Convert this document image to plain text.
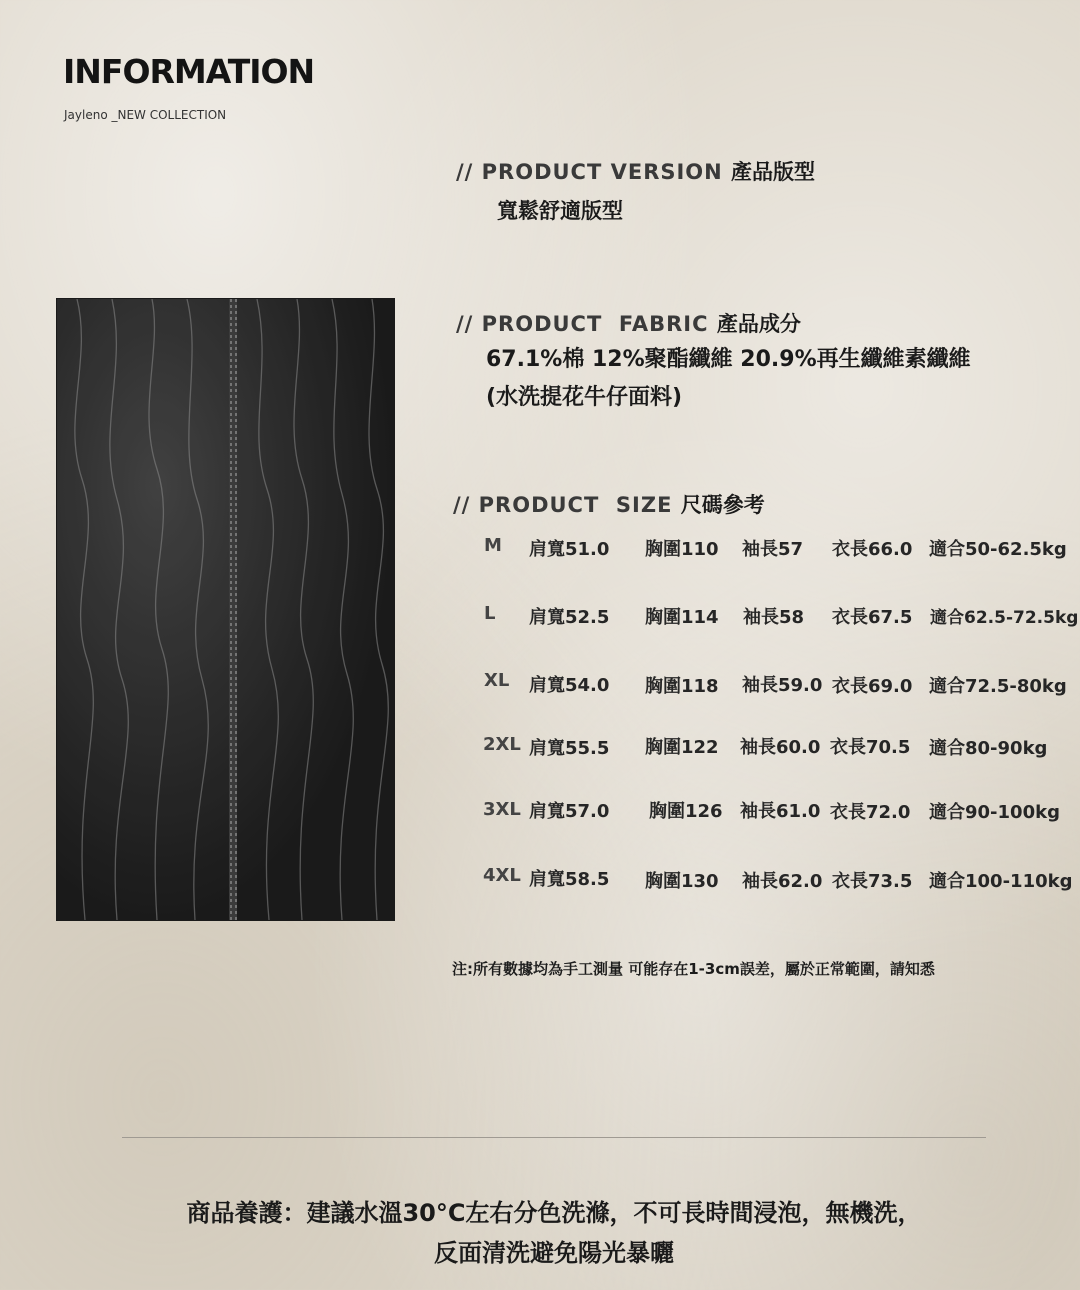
INFORMATION
Jayleno _NEW COLLECTION
// PRODUCT VERSION 產品版型
寬鬆舒適版型
// PRODUCT  FABRIC 產品成分
67.1%棉 12%聚酯纖維 20.9%再生纖維素纖維
(水洗提花牛仔面料)
// PRODUCT  SIZE 尺碼參考
M 肩寬51.0 胸圍110 袖長57 衣長66.0 適合50-62.5kg
L 肩寬52.5 胸圍114 袖長58 衣長67.5 適合62.5-72.5kg
XL 肩寬54.0 胸圍118 袖長59.0 衣長69.0 適合72.5-80kg
2XL 肩寬55.5 胸圍122 袖長60.0 衣長70.5 適合80-90kg
3XL 肩寬57.0 胸圍126 袖長61.0 衣長72.0 適合90-100kg
4XL 肩寬58.5 胸圍130 袖長62.0 衣長73.5 適合100-110kg
注:所有數據均為手工測量 可能存在1-3cm誤差，屬於正常範圍，請知悉
商品養護：建議水溫30°C左右分色洗滌，不可長時間浸泡，無機洗，
反面清洗避免陽光暴曬
